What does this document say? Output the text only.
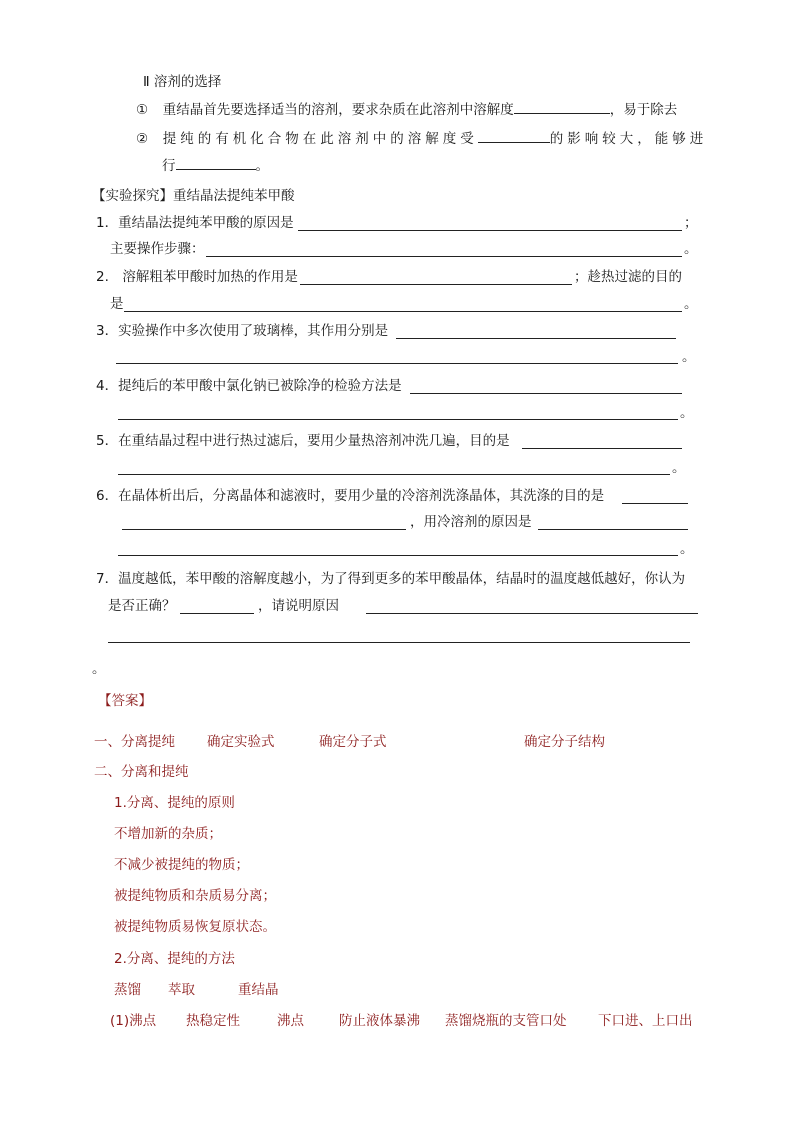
Ⅱ 溶剂的选择
① 重结晶首先要选择适当的溶剂，要求杂质在此溶剂中溶解度	，易于除去
② 提纯的有机化合物在此溶剂中的溶解度受	的影响较大，能够进
行	。
【实验探究】重结晶法提纯苯甲酸
1．重结晶法提纯苯甲酸的原因是	；
主要操作步骤：	。
2.　溶解粗苯甲酸时加热的作用是	；趁热过滤的目的
是	。
3．实验操作中多次使用了玻璃棒，其作用分别是
。
4．提纯后的苯甲酸中氯化钠已被除净的检验方法是
。
5．在重结晶过程中进行热过滤后，要用少量热溶剂冲洗几遍，目的是
。
6．在晶体析出后，分离晶体和滤液时，要用少量的冷溶剂洗涤晶体，其洗涤的目的是
，用冷溶剂的原因是
。
7．温度越低，苯甲酸的溶解度越小，为了得到更多的苯甲酸晶体，结晶时的温度越低越好，你认为
是否正确？	，请说明原因
。
【答案】
一、分离提纯 确定实验式	确定分子式	确定分子结构
二、分离和提纯
1.分离、提纯的原则
不增加新的杂质；
不减少被提纯的物质；
被提纯物质和杂质易分离；
被提纯物质易恢复原状态。
2.分离、提纯的方法
蒸馏 萃取	重结晶
(1)沸点 热稳定性	沸点	防止液体暴沸 蒸馏烧瓶的支管口处 下口进、上口出
